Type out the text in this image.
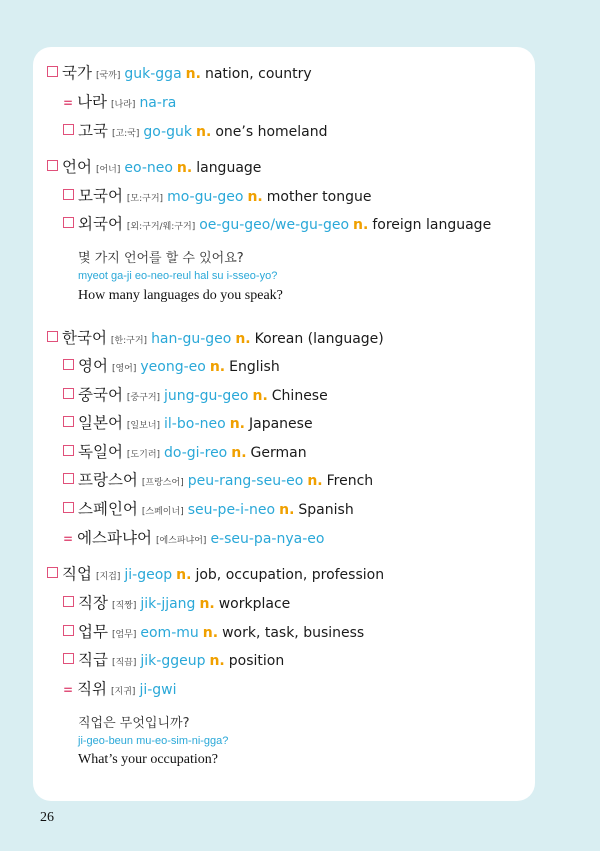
국가 [국까] guk-gga n. nation, country
= 나라 [나라] na-ra
고국 [고:국] go-guk n. one’s homeland
언어 [어너] eo-neo n. language
모국어 [모:구거] mo-gu-geo n. mother tongue
외국어 [외:구거/웨:구거] oe-gu-geo/we-gu-geo n. foreign language
몇 가지 언어를 할 수 있어요?
myeot ga-ji eo-neo-reul hal su i-sseo-yo?
How many languages do you speak?
한국어 [한:구거] han-gu-geo n. Korean (language)
영어 [영어] yeong-eo n. English
중국어 [중구거] jung-gu-geo n. Chinese
일본어 [일보너] il-bo-neo n. Japanese
독일어 [도기러] do-gi-reo n. German
프랑스어 [프랑스어] peu-rang-seu-eo n. French
스페인어 [스페이너] seu-pe-i-neo n. Spanish
= 에스파냐어 [에스파냐어] e-seu-pa-nya-eo
직업 [지겁] ji-geop n. job, occupation, profession
직장 [직짱] jik-jjang n. workplace
업무 [엄무] eom-mu n. work, task, business
직급 [직끕] jik-ggeup n. position
= 직위 [지귀] ji-gwi
직업은 무엇입니까?
ji-geo-beun mu-eo-sim-ni-gga?
What’s your occupation?
26
